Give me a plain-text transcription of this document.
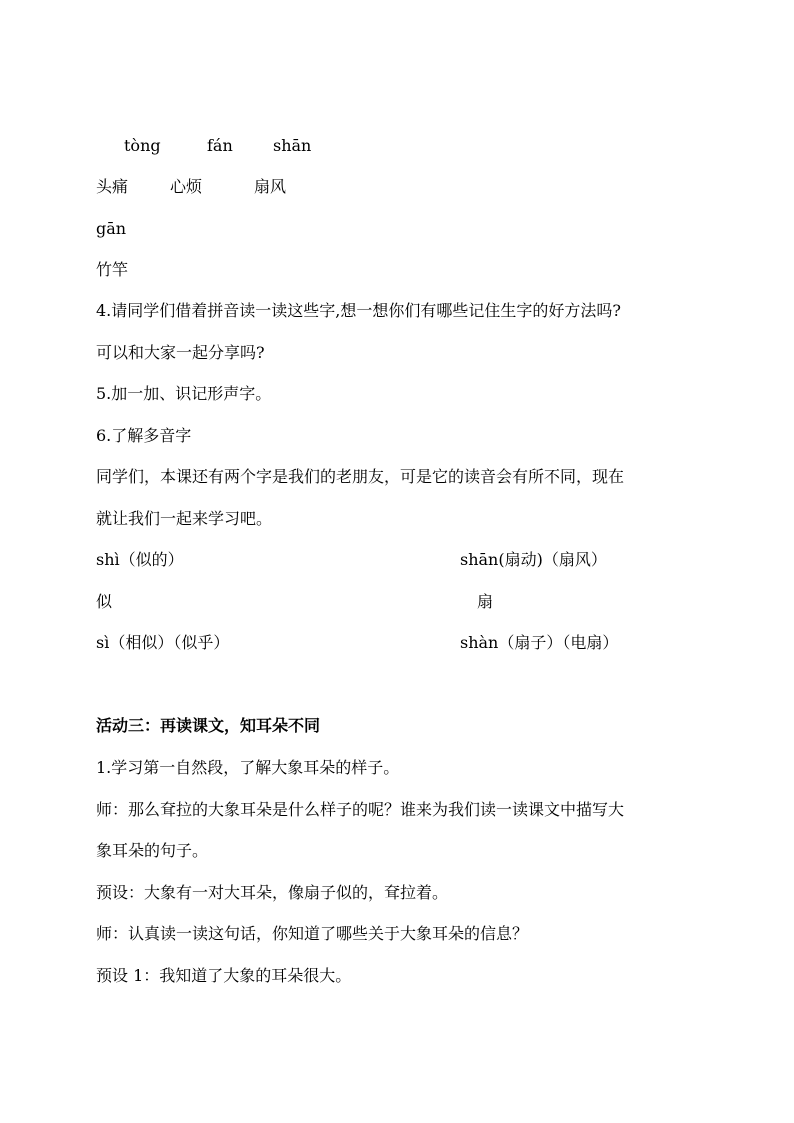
tòng	fán	shān
头痛	心烦	扇风
gān
竹竿
4.请同学们借着拼音读一读这些字,想一想你们有哪些记住生字的好方法吗?
可以和大家一起分享吗?
5.加一加、识记形声字。
6.了解多音字
同学们，本课还有两个字是我们的老朋友，可是它的读音会有所不同，现在
就让我们一起来学习吧。
shì（似的）	shān(扇动)（扇风）
似	扇
sì（相似）（似乎）	shàn（扇子）（电扇）
活动三：再读课文，知耳朵不同
1.学习第一自然段，了解大象耳朵的样子。
师：那么耷拉的大象耳朵是什么样子的呢？谁来为我们读一读课文中描写大
象耳朵的句子。
预设：大象有一对大耳朵，像扇子似的，耷拉着。
师：认真读一读这句话，你知道了哪些关于大象耳朵的信息？
预设 1：我知道了大象的耳朵很大。
